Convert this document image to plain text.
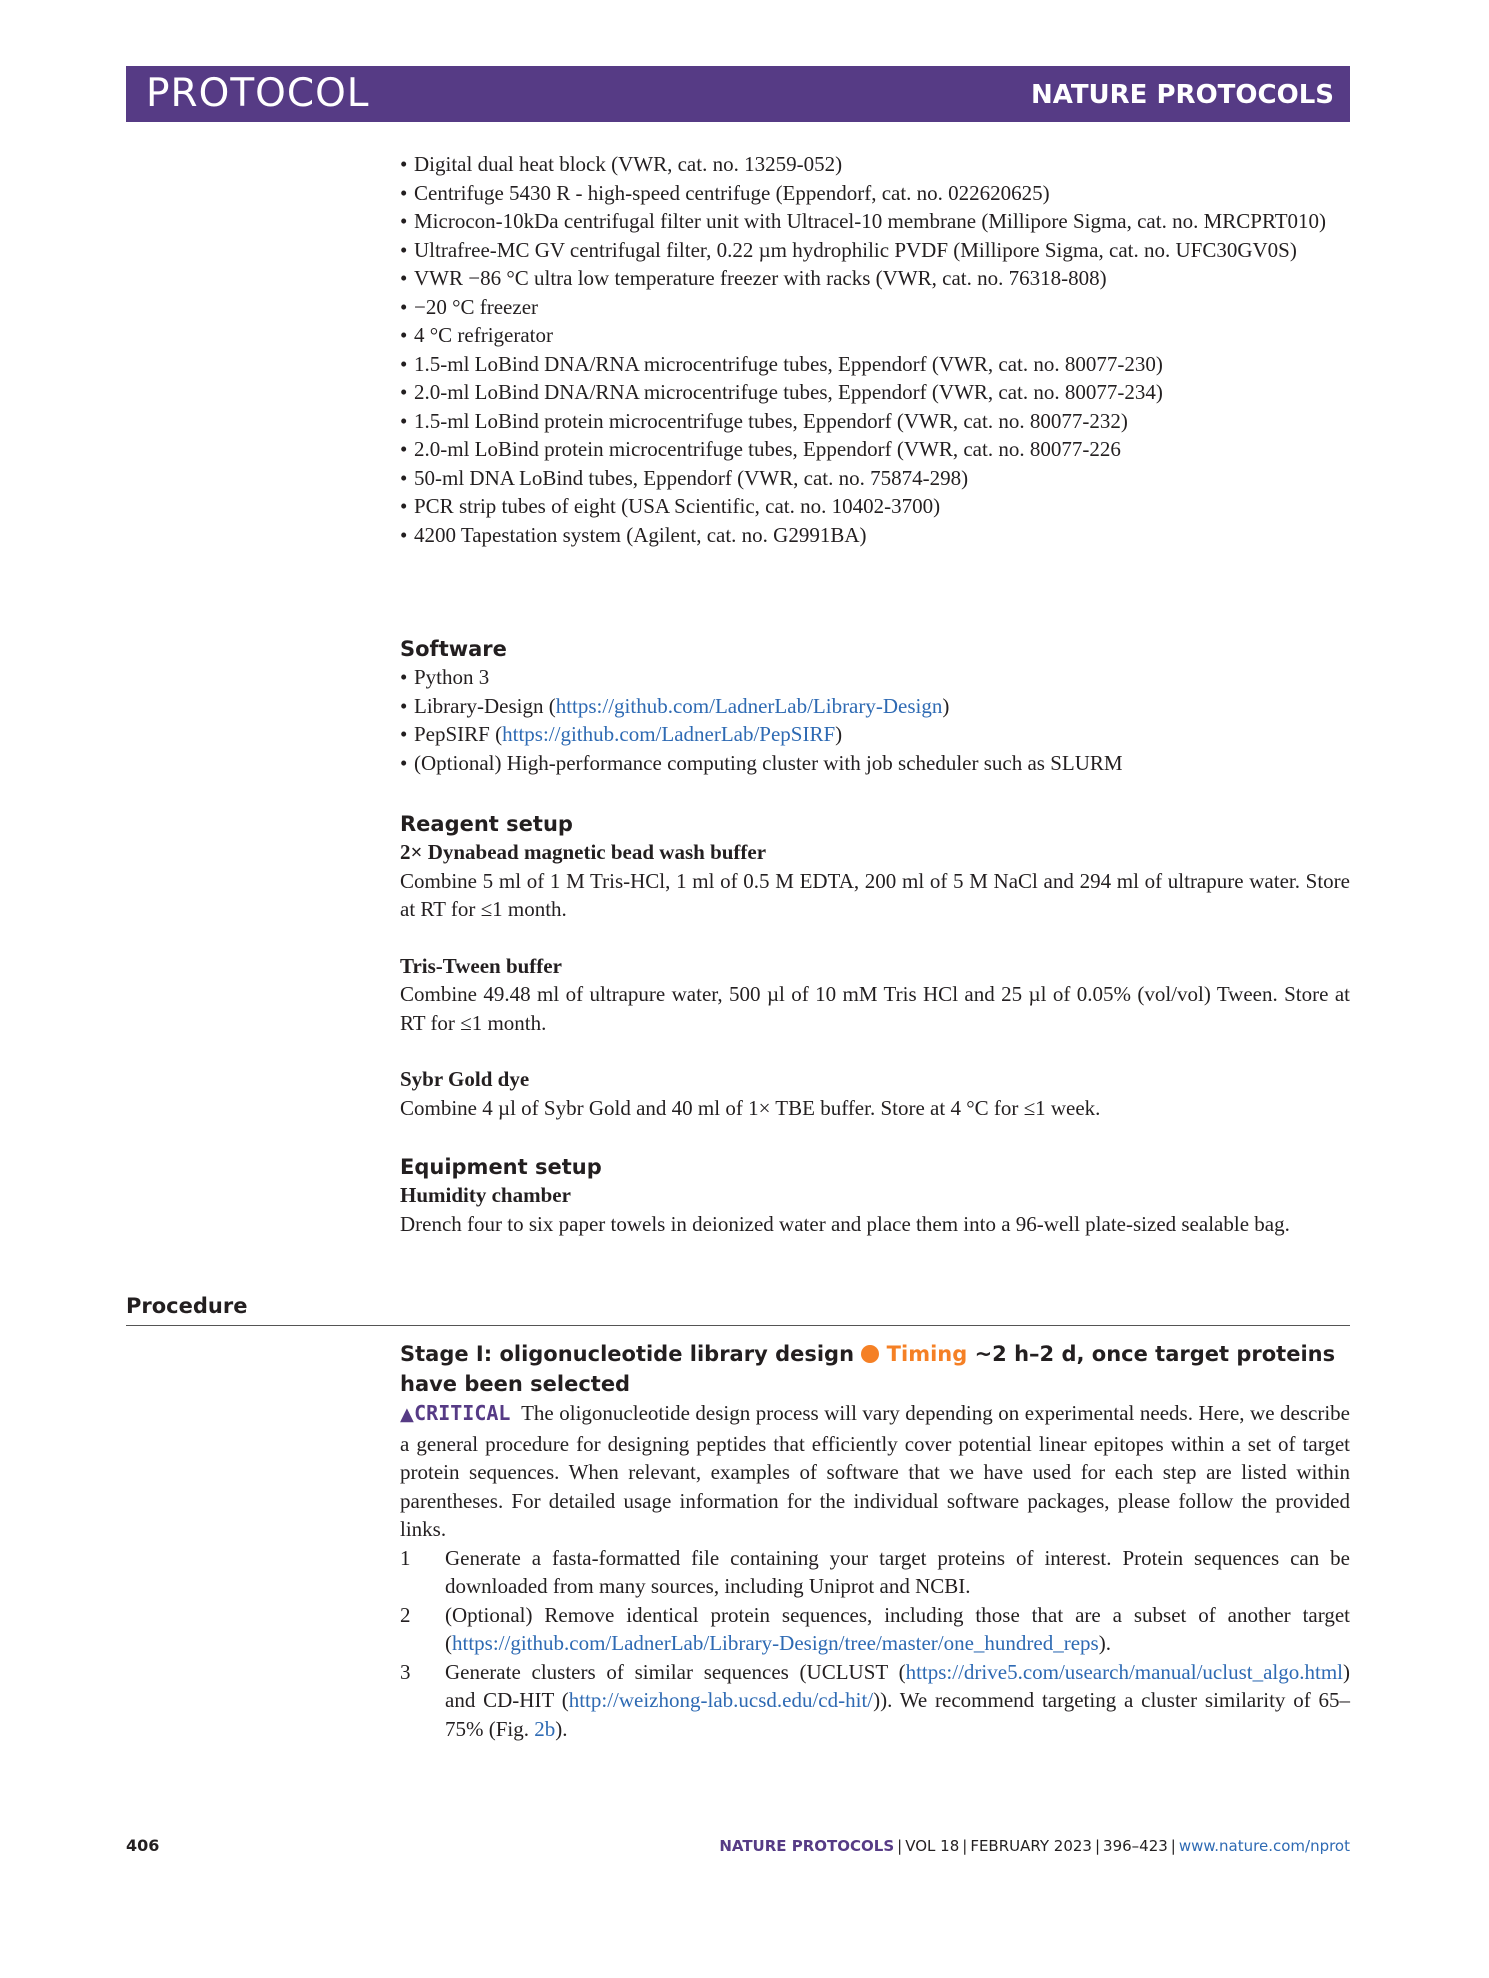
PROTOCOL	NATURE PROTOCOLS
• Digital dual heat block (VWR, cat. no. 13259-052)
• Centrifuge 5430 R - high-speed centrifuge (Eppendorf, cat. no. 022620625)
• Microcon-10kDa centrifugal filter unit with Ultracel-10 membrane (Millipore Sigma, cat. no. MRCPRT010)
• Ultrafree-MC GV centrifugal filter, 0.22 µm hydrophilic PVDF (Millipore Sigma, cat. no. UFC30GV0S)
• VWR −86 °C ultra low temperature freezer with racks (VWR, cat. no. 76318-808)
• −20 °C freezer
• 4 °C refrigerator
• 1.5-ml LoBind DNA/RNA microcentrifuge tubes, Eppendorf (VWR, cat. no. 80077-230)
• 2.0-ml LoBind DNA/RNA microcentrifuge tubes, Eppendorf (VWR, cat. no. 80077-234)
• 1.5-ml LoBind protein microcentrifuge tubes, Eppendorf (VWR, cat. no. 80077-232)
• 2.0-ml LoBind protein microcentrifuge tubes, Eppendorf (VWR, cat. no. 80077-226
• 50-ml DNA LoBind tubes, Eppendorf (VWR, cat. no. 75874-298)
• PCR strip tubes of eight (USA Scientific, cat. no. 10402-3700)
• 4200 Tapestation system (Agilent, cat. no. G2991BA)
Software
• Python 3
• Library-Design (https://github.com/LadnerLab/Library-Design)
• PepSIRF (https://github.com/LadnerLab/PepSIRF)
• (Optional) High-performance computing cluster with job scheduler such as SLURM
Reagent setup

2× Dynabead magnetic bead wash buffer

Combine 5 ml of 1 M Tris-HCl, 1 ml of 0.5 M EDTA, 200 ml of 5 M NaCl and 294 ml of ultrapure water. Store at RT for ≤1 month.

Tris-Tween buffer

Combine 49.48 ml of ultrapure water, 500 µl of 10 mM Tris HCl and 25 µl of 0.05% (vol/vol) Tween. Store at RT for ≤1 month.

Sybr Gold dye

Combine 4 µl of Sybr Gold and 40 ml of 1× TBE buffer. Store at 4 °C for ≤1 week.

Equipment setup

Humidity chamber

Drench four to six paper towels in deionized water and place them into a 96-well plate-sized sealable bag.

Procedure
Stage I: oligonucleotide library design Timing ~2 h–2 d, once target proteins have been selected

▲CRITICAL The oligonucleotide design process will vary depending on experimental needs. Here, we describe a general procedure for designing peptides that efficiently cover potential linear epitopes within a set of target protein sequences. When relevant, examples of software that we have used for each step are listed within parentheses. For detailed usage information for the individual software packages, please follow the provided links.

1 Generate a fasta-formatted file containing your target proteins of interest. Protein sequences can be downloaded from many sources, including Uniprot and NCBI.
2 (Optional) Remove identical protein sequences, including those that are a subset of another target (https://github.com/LadnerLab/Library-Design/tree/master/one_hundred_reps).
3 Generate clusters of similar sequences (UCLUST (https://drive5.com/usearch/manual/uclust_algo.html) and CD-HIT (http://weizhong-lab.ucsd.edu/cd-hit/)). We recommend targeting a cluster similarity of 65–75% (Fig. 2b).
406	NATURE PROTOCOLS | VOL 18 | FEBRUARY 2023 | 396–423 | www.nature.com/nprot
